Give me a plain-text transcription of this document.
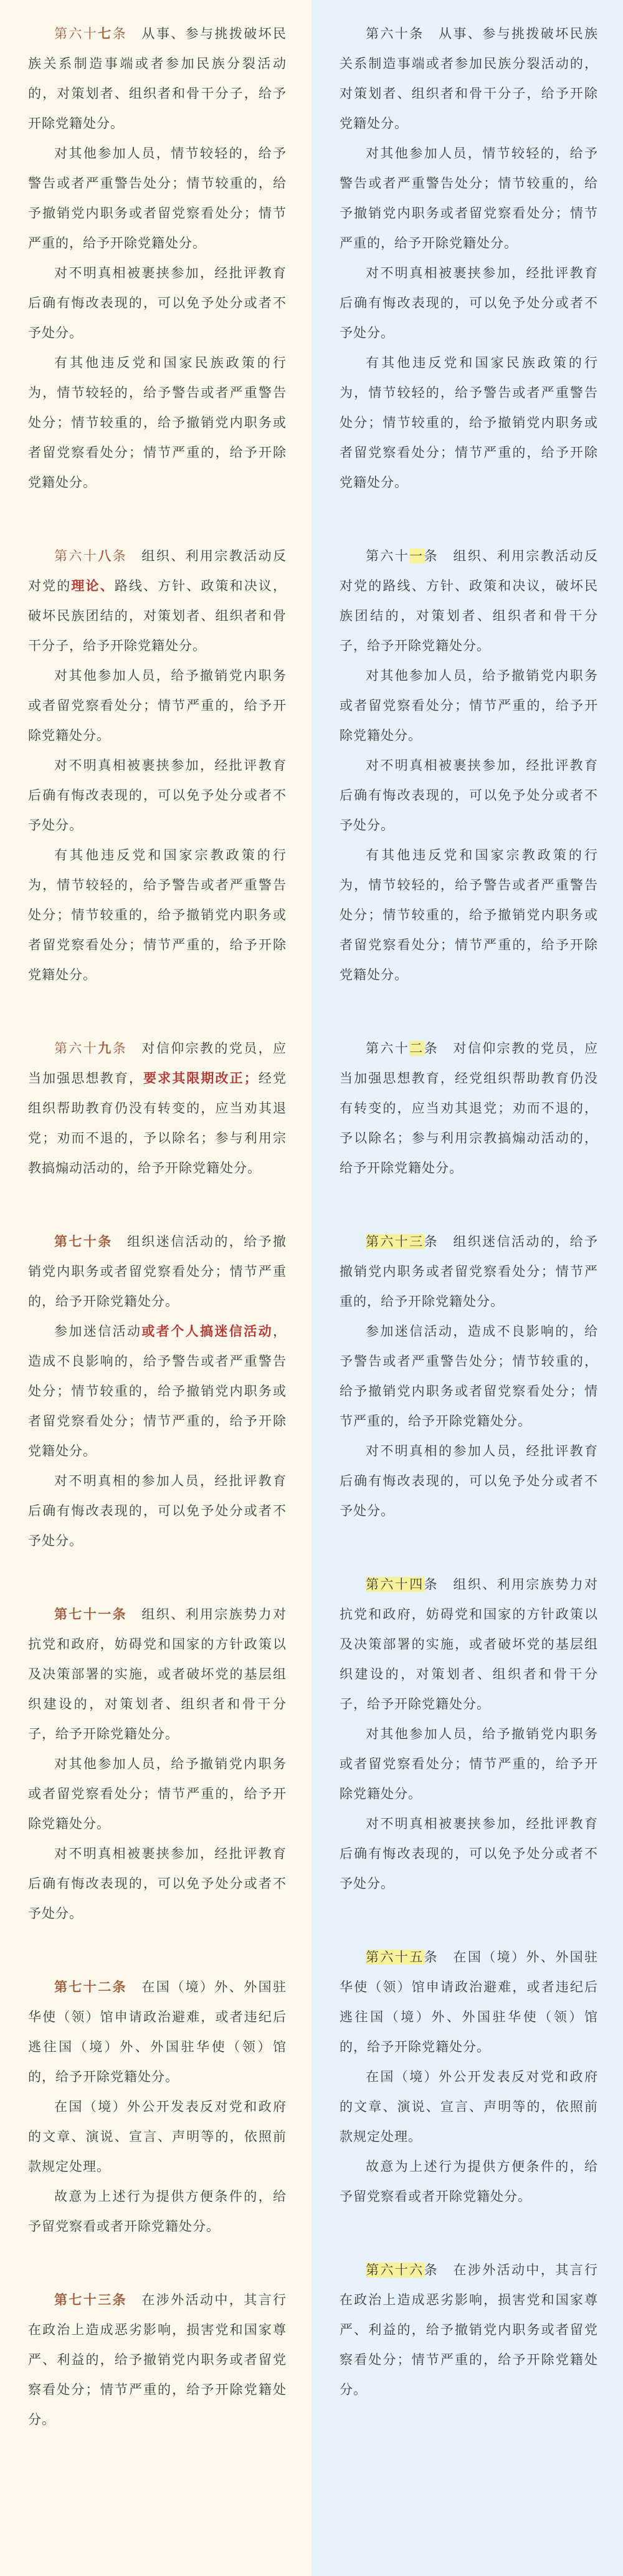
第六十七条 从事、参与挑拨破坏民族关系制造事端或者参加民族分裂活动的，对策划者、组织者和骨干分子，给予开除党籍处分。

对其他参加人员，情节较轻的，给予警告或者严重警告处分；情节较重的，给予撤销党内职务或者留党察看处分；情节严重的，给予开除党籍处分。

对不明真相被裹挟参加，经批评教育后确有悔改表现的，可以免予处分或者不予处分。

有其他违反党和国家民族政策的行为，情节较轻的，给予警告或者严重警告处分；情节较重的，给予撤销党内职务或者留党察看处分；情节严重的，给予开除党籍处分。

第六十八条 组织、利用宗教活动反对党的理论、路线、方针、政策和决议，破坏民族团结的，对策划者、组织者和骨干分子，给予开除党籍处分。

对其他参加人员，给予撤销党内职务或者留党察看处分；情节严重的，给予开除党籍处分。

对不明真相被裹挟参加，经批评教育后确有悔改表现的，可以免予处分或者不予处分。

有其他违反党和国家宗教政策的行为，情节较轻的，给予警告或者严重警告处分；情节较重的，给予撤销党内职务或者留党察看处分；情节严重的，给予开除党籍处分。

第六十九条 对信仰宗教的党员，应当加强思想教育，要求其限期改正；经党组织帮助教育仍没有转变的，应当劝其退党；劝而不退的，予以除名；参与利用宗教搞煽动活动的，给予开除党籍处分。

第七十条 组织迷信活动的，给予撤销党内职务或者留党察看处分；情节严重的，给予开除党籍处分。

参加迷信活动或者个人搞迷信活动，造成不良影响的，给予警告或者严重警告处分；情节较重的，给予撤销党内职务或者留党察看处分；情节严重的，给予开除党籍处分。

对不明真相的参加人员，经批评教育后确有悔改表现的，可以免予处分或者不予处分。

第七十一条 组织、利用宗族势力对抗党和政府，妨碍党和国家的方针政策以及决策部署的实施，或者破坏党的基层组织建设的，对策划者、组织者和骨干分子，给予开除党籍处分。

对其他参加人员，给予撤销党内职务或者留党察看处分；情节严重的，给予开除党籍处分。

对不明真相被裹挟参加，经批评教育后确有悔改表现的，可以免予处分或者不予处分。

第七十二条 在国（境）外、外国驻华使（领）馆申请政治避难，或者违纪后逃往国（境）外、外国驻华使（领）馆的，给予开除党籍处分。

在国（境）外公开发表反对党和政府的文章、演说、宣言、声明等的，依照前款规定处理。

故意为上述行为提供方便条件的，给予留党察看或者开除党籍处分。

第七十三条 在涉外活动中，其言行在政治上造成恶劣影响，损害党和国家尊严、利益的，给予撤销党内职务或者留党察看处分；情节严重的，给予开除党籍处分。

第六十条 从事、参与挑拨破坏民族关系制造事端或者参加民族分裂活动的，对策划者、组织者和骨干分子，给予开除党籍处分。

对其他参加人员，情节较轻的，给予警告或者严重警告处分；情节较重的，给予撤销党内职务或者留党察看处分；情节严重的，给予开除党籍处分。

对不明真相被裹挟参加，经批评教育后确有悔改表现的，可以免予处分或者不予处分。

有其他违反党和国家民族政策的行为，情节较轻的，给予警告或者严重警告处分；情节较重的，给予撤销党内职务或者留党察看处分；情节严重的，给予开除党籍处分。

第六十一条 组织、利用宗教活动反对党的路线、方针、政策和决议，破坏民族团结的，对策划者、组织者和骨干分子，给予开除党籍处分。

对其他参加人员，给予撤销党内职务或者留党察看处分；情节严重的，给予开除党籍处分。

对不明真相被裹挟参加，经批评教育后确有悔改表现的，可以免予处分或者不予处分。

有其他违反党和国家宗教政策的行为，情节较轻的，给予警告或者严重警告处分；情节较重的，给予撤销党内职务或者留党察看处分；情节严重的，给予开除党籍处分。

第六十二条 对信仰宗教的党员，应当加强思想教育，经党组织帮助教育仍没有转变的，应当劝其退党；劝而不退的，予以除名；参与利用宗教搞煽动活动的，给予开除党籍处分。

第六十三条 组织迷信活动的，给予撤销党内职务或者留党察看处分；情节严重的，给予开除党籍处分。

参加迷信活动，造成不良影响的，给予警告或者严重警告处分；情节较重的，给予撤销党内职务或者留党察看处分；情节严重的，给予开除党籍处分。

对不明真相的参加人员，经批评教育后确有悔改表现的，可以免予处分或者不予处分。

第六十四条 组织、利用宗族势力对抗党和政府，妨碍党和国家的方针政策以及决策部署的实施，或者破坏党的基层组织建设的，对策划者、组织者和骨干分子，给予开除党籍处分。

对其他参加人员，给予撤销党内职务或者留党察看处分；情节严重的，给予开除党籍处分。

对不明真相被裹挟参加，经批评教育后确有悔改表现的，可以免予处分或者不予处分。

第六十五条 在国（境）外、外国驻华使（领）馆申请政治避难，或者违纪后逃往国（境）外、外国驻华使（领）馆的，给予开除党籍处分。

在国（境）外公开发表反对党和政府的文章、演说、宣言、声明等的，依照前款规定处理。

故意为上述行为提供方便条件的，给予留党察看或者开除党籍处分。

第六十六条 在涉外活动中，其言行在政治上造成恶劣影响，损害党和国家尊严、利益的，给予撤销党内职务或者留党察看处分；情节严重的，给予开除党籍处分。
